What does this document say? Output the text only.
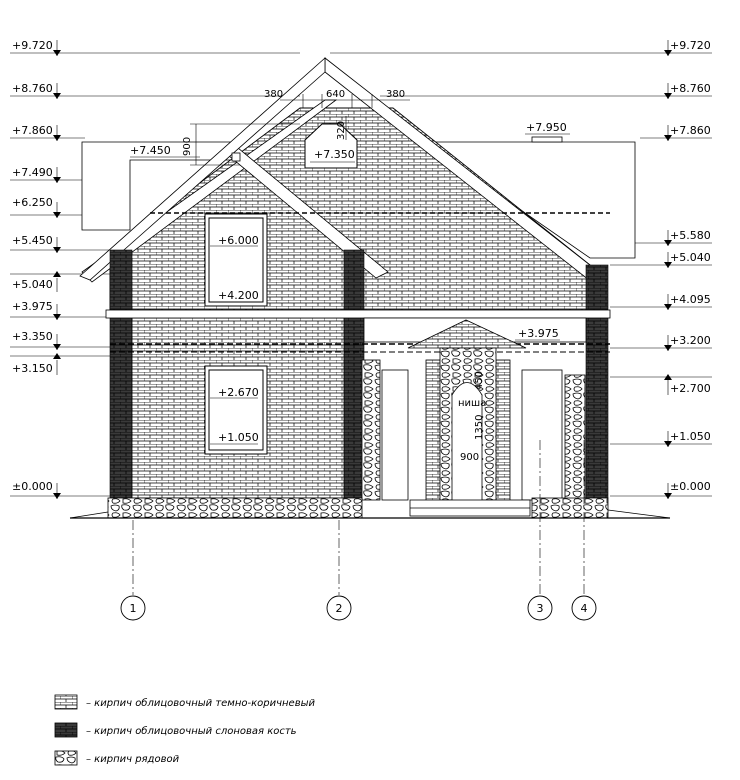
+9.720
+8.760
+7.860
+7.490
+6.250
+5.450
+5.040
+3.975
+3.350
+3.150
±0.000
+9.720
+8.760
+7.860
+5.580
+5.040
+4.095
+3.200
+2.700
+1.050
±0.000
+7.450	+7.350
+7.950
+6.000
+4.200
+2.670
+1.050
+3.975
380	640	380
900
320
450
1350
900
ниша
1	2	3	4
– кирпич облицовочный темно-коричневый
– кирпич облицовочный слоновая кость
– кирпич рядовой
